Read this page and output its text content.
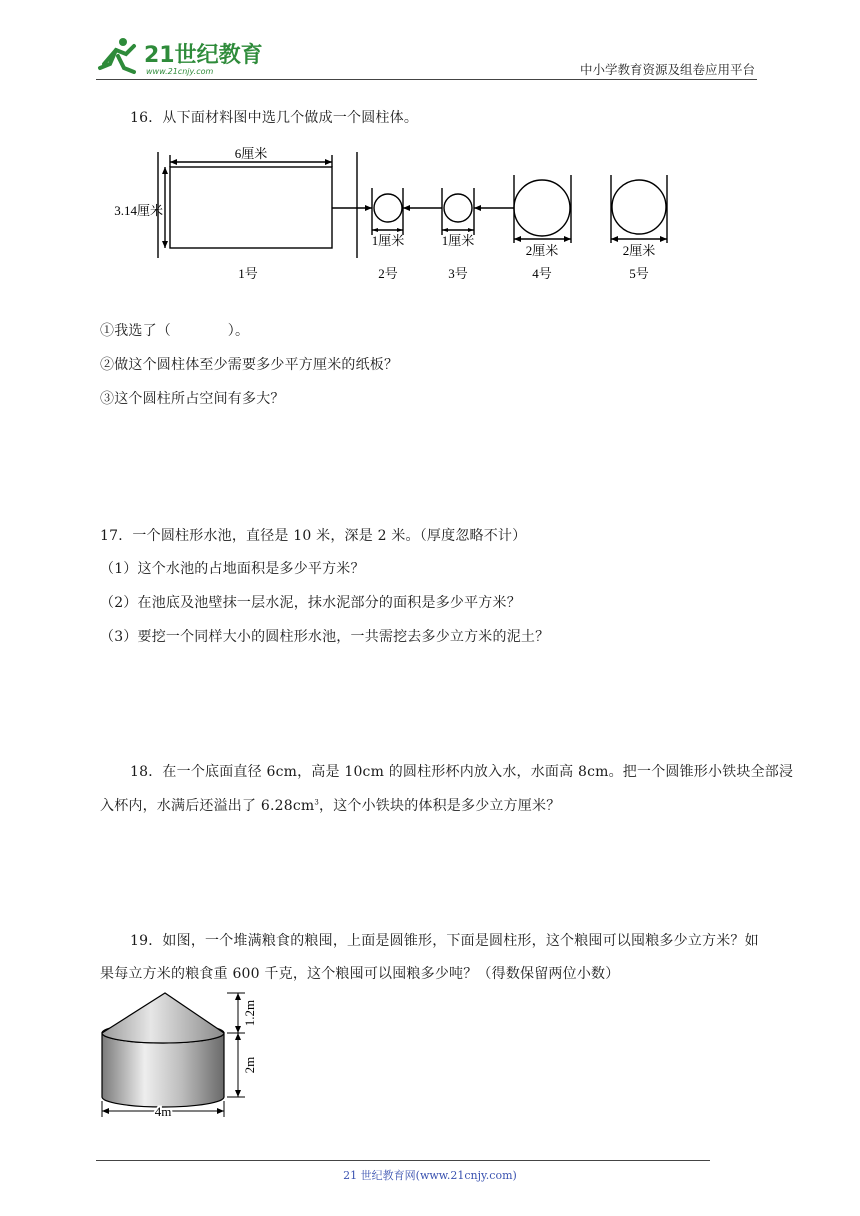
21世纪教育
www.21cnjy.com	中小学教育资源及组卷应用平台
16．从下面材料图中选几个做成一个圆柱体。
6厘米
3.14厘米
1厘米	1厘米
2厘米	2厘米
1号	2号	3号	4号	5号
①我选了（　　　　）。
②做这个圆柱体至少需要多少平方厘米的纸板？
③这个圆柱所占空间有多大？
17．一个圆柱形水池，直径是 10 米，深是 2 米。（厚度忽略不计）
（1）这个水池的占地面积是多少平方米？
（2）在池底及池壁抹一层水泥，抹水泥部分的面积是多少平方米？
（3）要挖一个同样大小的圆柱形水池，一共需挖去多少立方米的泥土？
18．在一个底面直径 6cm，高是 10cm 的圆柱形杯内放入水，水面高 8cm。把一个圆锥形小铁块全部浸
入杯内，水满后还溢出了 $6.28cm^3$，这个小铁块的体积是多少立方厘米？
19．如图，一个堆满粮食的粮囤，上面是圆锥形，下面是圆柱形，这个粮囤可以囤粮多少立方米？如
果每立方米的粮食重 600 千克，这个粮囤可以囤粮多少吨？（得数保留两位小数）
1.2m
2m
4m
21 世纪教育网(www.21cnjy.com)
